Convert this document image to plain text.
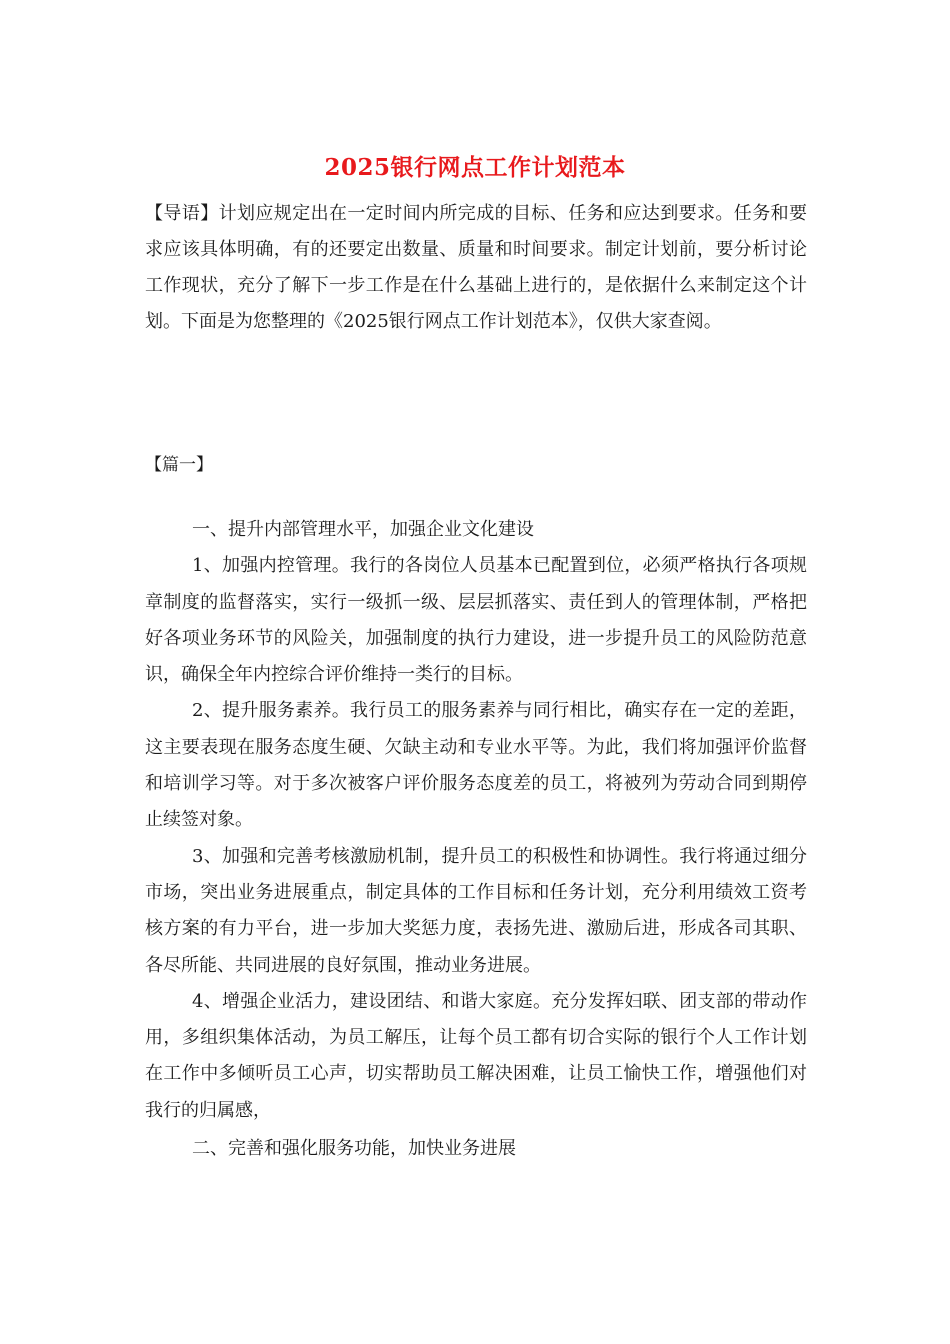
2025银行网点工作计划范本

【导语】计划应规定出在一定时间内所完成的目标、任务和应达到要求。任务和要求应该具体明确，有的还要定出数量、质量和时间要求。制定计划前，要分析讨论工作现状，充分了解下一步工作是在什么基础上进行的，是依据什么来制定这个计划。下面是为您整理的《2025银行网点工作计划范本》，仅供大家查阅。

【篇一】

一、提升内部管理水平，加强企业文化建设

1、加强内控管理。我行的各岗位人员基本已配置到位，必须严格执行各项规章制度的监督落实，实行一级抓一级、层层抓落实、责任到人的管理体制，严格把好各项业务环节的风险关，加强制度的执行力建设，进一步提升员工的风险防范意识，确保全年内控综合评价维持一类行的目标。

2、提升服务素养。我行员工的服务素养与同行相比，确实存在一定的差距，这主要表现在服务态度生硬、欠缺主动和专业水平等。为此，我们将加强评价监督和培训学习等。对于多次被客户评价服务态度差的员工，将被列为劳动合同到期停止续签对象。

3、加强和完善考核激励机制，提升员工的积极性和协调性。我行将通过细分市场，突出业务进展重点，制定具体的工作目标和任务计划，充分利用绩效工资考核方案的有力平台，进一步加大奖惩力度，表扬先进、激励后进，形成各司其职、各尽所能、共同进展的良好氛围，推动业务进展。

4、增强企业活力，建设团结、和谐大家庭。充分发挥妇联、团支部的带动作用，多组织集体活动，为员工解压，让每个员工都有切合实际的银行个人工作计划在工作中多倾听员工心声，切实帮助员工解决困难，让员工愉快工作，增强他们对我行的归属感，

二、完善和强化服务功能，加快业务进展
